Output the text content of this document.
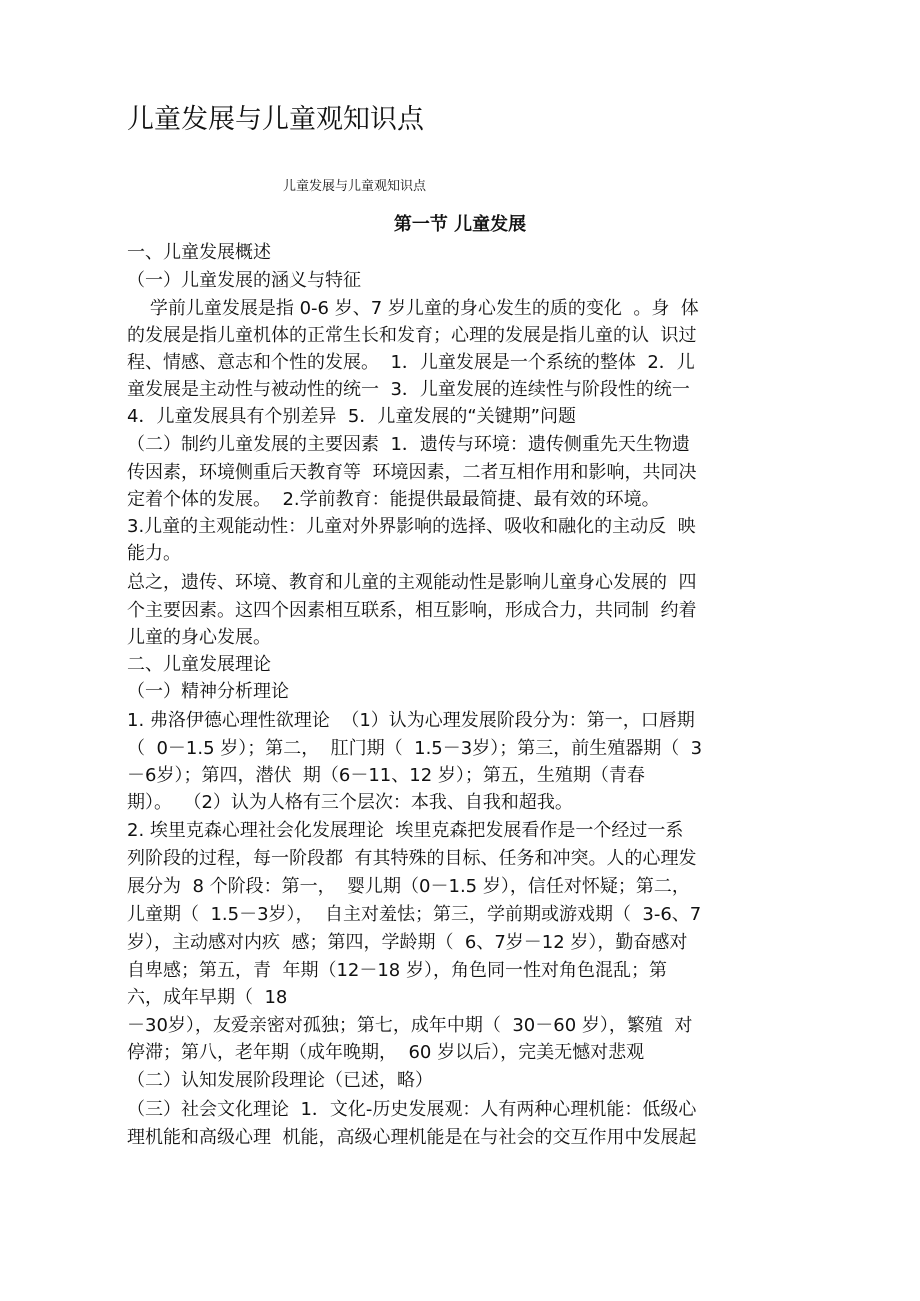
儿童发展与儿童观知识点
儿童发展与儿童观知识点
第一节 儿童发展
一、儿童发展概述
（一）儿童发展的涵义与特征
学前儿童发展是指 0-6 岁、7 岁儿童的身心发生的质的变化  。身  体
的发展是指儿童机体的正常生长和发育；心理的发展是指儿童的认  识过
程、情感、意志和个性的发展。  1．儿童发展是一个系统的整体  2．儿
童发展是主动性与被动性的统一  3．儿童发展的连续性与阶段性的统一
4．儿童发展具有个别差异  5．儿童发展的“关键期”问题
（二）制约儿童发展的主要因素  1．遗传与环境：遗传侧重先天生物遗
传因素，环境侧重后天教育等  环境因素，二者互相作用和影响，共同决
定着个体的发展。  2.学前教育：能提供最最简捷、最有效的环境。
3.儿童的主观能动性：儿童对外界影响的选择、吸收和融化的主动反  映
能力。
总之，遗传、环境、教育和儿童的主观能动性是影响儿童身心发展的  四
个主要因素。这四个因素相互联系，相互影响，形成合力，共同制  约着
儿童的身心发展。
二、儿童发展理论
（一）精神分析理论
1. 弗洛伊德心理性欲理论  （1）认为心理发展阶段分为：第一，口唇期
（  0－1.5 岁）；第二，  肛门期（  1.5－3岁）；第三，前生殖器期（  3
－6岁）；第四，潜伏  期（6－11、12 岁）；第五，生殖期（青春
期）。  （2）认为人格有三个层次：本我、自我和超我。
2. 埃里克森心理社会化发展理论  埃里克森把发展看作是一个经过一系
列阶段的过程，每一阶段都  有其特殊的目标、任务和冲突。人的心理发
展分为  8 个阶段：第一，  婴儿期（0－1.5 岁），信任对怀疑；第二，
儿童期（  1.5－3岁），  自主对羞怯；第三，学前期或游戏期（  3-6、7
岁），主动感对内疚  感；第四，学龄期（  6、7岁－12 岁），勤奋感对
自卑感；第五，青  年期（12－18 岁），角色同一性对角色混乱；第
六，成年早期（  18
－30岁），友爱亲密对孤独；第七，成年中期（  30－60 岁），繁殖  对
停滞；第八，老年期（成年晚期，  60 岁以后），完美无憾对悲观
（二）认知发展阶段理论（已述，略）
（三）社会文化理论  1．文化-历史发展观：人有两种心理机能：低级心
理机能和高级心理  机能，高级心理机能是在与社会的交互作用中发展起
